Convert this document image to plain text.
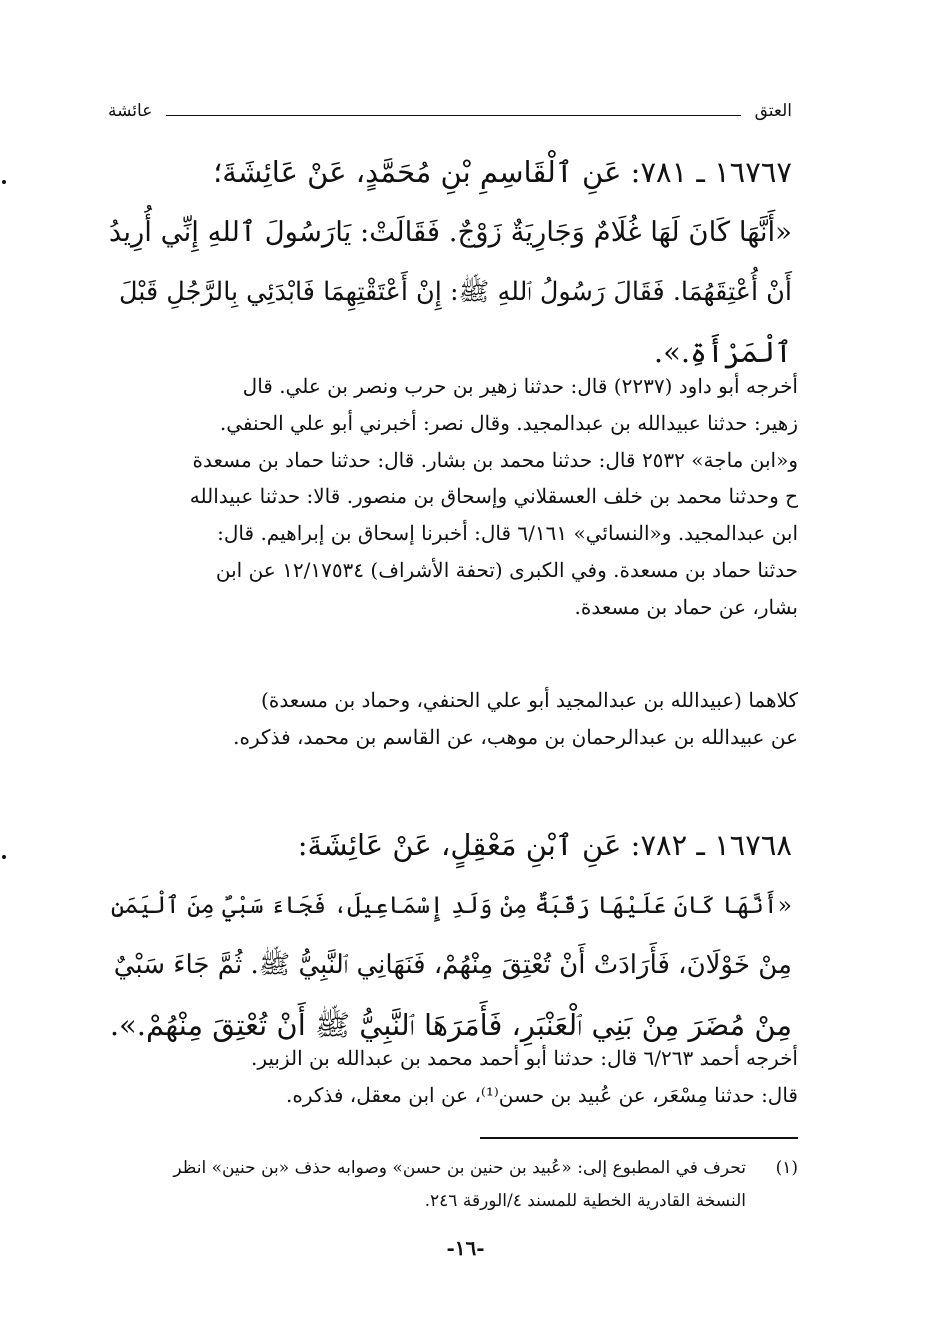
العتق
عائشة
١٦٧٦٧ ـ ٧٨١: عَنِ ٱلْقَاسِمِ بْنِ مُحَمَّدٍ، عَنْ عَائِشَةَ؛
«أَنَّهَا كَانَ لَهَا غُلَامٌ وَجَارِيَةٌ زَوْجٌ. فَقَالَتْ: يَارَسُولَ ٱللهِ إِنِّي أُرِيدُ
أَنْ أُعْتِقَهُمَا. فَقَالَ رَسُولُ ٱللهِ ﷺ: إِنْ أَعْتَقْتِهِمَا فَابْدَئِي بِالرَّجُلِ قَبْلَ
ٱلْمَرْأَةِ.».
أخرجه أبو داود (٢٢٣٧) قال: حدثنا زهير بن حرب ونصر بن علي. قال
زهير: حدثنا عبيدالله بن عبدالمجيد. وقال نصر: أخبرني أبو علي الحنفي.
و«ابن ماجة» ٢٥٣٢ قال: حدثنا محمد بن بشار. قال: حدثنا حماد بن مسعدة
ح وحدثنا محمد بن خلف العسقلاني وإسحاق بن منصور. قالا: حدثنا عبيدالله
ابن عبدالمجيد. و«النسائي» ٦/١٦١ قال: أخبرنا إسحاق بن إبراهيم. قال:
حدثنا حماد بن مسعدة. وفي الكبرى (تحفة الأشراف) ١٢/١٧٥٣٤ عن ابن
بشار، عن حماد بن مسعدة.
كلاهما (عبيدالله بن عبدالمجيد أبو علي الحنفي، وحماد بن مسعدة)
عن عبيدالله بن عبدالرحمان بن موهب، عن القاسم بن محمد، فذكره.
١٦٧٦٨ ـ ٧٨٢: عَنِ ٱبْنِ مَعْقِلٍ، عَنْ عَائِشَةَ:
«أَنَّهَا كَانَ عَلَيْهَا رَقَبَةٌ مِنْ وَلَدِ إِسْمَاعِيلَ، فَجَاءَ سَبْيٌ مِنَ ٱلْيَمَنِ
مِنْ خَوْلَانَ، فَأَرَادَتْ أَنْ تُعْتِقَ مِنْهُمْ، فَنَهَانِي ٱلنَّبِيُّ ﷺ. ثُمَّ جَاءَ سَبْيٌ
مِنْ مُضَرَ مِنْ بَنِي ٱلْعَنْبَرِ، فَأَمَرَهَا ٱلنَّبِيُّ ﷺ أَنْ تُعْتِقَ مِنْهُمْ.».
أخرجه أحمد ٦/٢٦٣ قال: حدثنا أبو أحمد محمد بن عبدالله بن الزبير.
قال: حدثنا مِسْعَر، عن عُبيد بن حسن⁽¹⁾، عن ابن معقل، فذكره.
(١)
تحرف في المطبوع إلى: «عُبيد بن حنين بن حسن» وصوابه حذف «بن حنين» انظر
النسخة القادرية الخطية للمسند ٤/الورقة ٢٤٦.
-١٦-
